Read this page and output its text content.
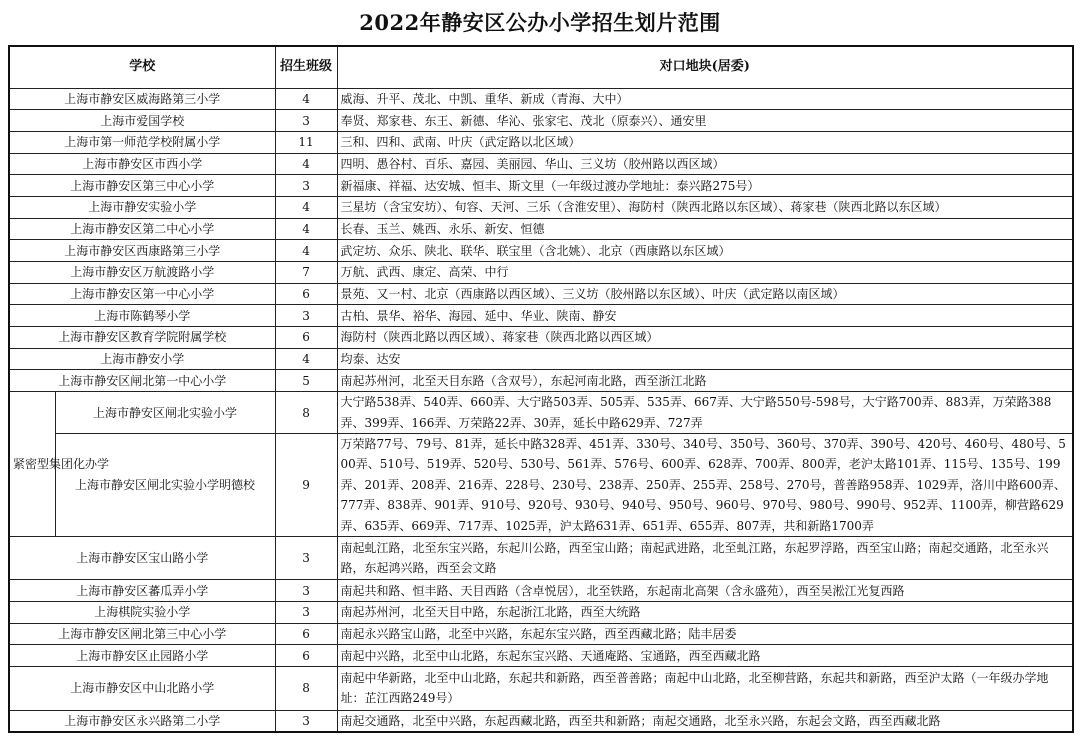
2022年静安区公办小学招生划片范围
学校		招生班级	对口地块(居委)
上海市静安区威海路第三小学		4	威海、升平、茂北、中凯、重华、新成（青海、大中）
上海市爱国学校		3	奉贤、郑家巷、东王、新德、华沁、张家宅、茂北（原泰兴）、通安里
上海市第一师范学校附属小学		11	三和、四和、武南、叶庆（武定路以北区域）
上海市静安区市西小学		4	四明、愚谷村、百乐、嘉园、美丽园、华山、三义坊（胶州路以西区域）
上海市静安区第三中心小学		3	新福康、祥福、达安城、恒丰、斯文里（一年级过渡办学地址：泰兴路275号）
上海市静安实验小学		4	三星坊（含宝安坊）、旬容、天河、三乐（含淮安里）、海防村（陕西北路以东区域）、蒋家巷（陕西北路以东区域）
上海市静安区第二中心小学		4	长春、玉兰、姚西、永乐、新安、恒德
上海市静安区西康路第三小学		4	武定坊、众乐、陕北、联华、联宝里（含北姚）、北京（西康路以东区域）
上海市静安区万航渡路小学		7	万航、武西、康定、高荣、中行
上海市静安区第一中心小学		6	景苑、又一村、北京（西康路以西区域）、三义坊（胶州路以东区域）、叶庆（武定路以南区域）
上海市陈鹤琴小学		3	古柏、景华、裕华、海园、延中、华业、陕南、静安
上海市静安区教育学院附属学校		6	海防村（陕西北路以西区域）、蒋家巷（陕西北路以西区域）
上海市静安小学		4	均泰、达安
上海市静安区闸北第一中心小学		5	南起苏州河，北至天目东路（含双号），东起河南北路，西至浙江北路
紧密型集团化办学	上海市静安区闸北实验小学	8	大宁路538弄、540弄、660弄、大宁路503弄、505弄、535弄、667弄、大宁路550号-598号，大宁路700弄、883弄，万荣路388弄、399弄、166弄、万荣路22弄、30弄，延长中路629弄、727弄
	上海市静安区闸北实验小学明德校	9	万荣路77号、79号、81弄，延长中路328弄、451弄、330号、340号、350号、360号、370弄、390号、420号、460号、480号、500弄、510号、519弄、520号、530号、561弄、576号、600弄、628弄、700弄、800弄，老沪太路101弄、115号、135号、199弄、201弄、208弄、216弄、228号、230号、238弄、250弄、255弄、258号、270号，普善路958弄、1029弄，洛川中路600弄、777弄、838弄、901弄、910号、920号、930号、940号、950号、960号、970号、980号、990号、952弄、1100弄，柳营路629弄、635弄、669弄、717弄、1025弄，沪太路631弄、651弄、655弄、807弄，共和新路1700弄
上海市静安区宝山路小学		3	南起虬江路，北至东宝兴路，东起川公路，西至宝山路；南起武进路，北至虬江路，东起罗浮路，西至宝山路；南起交通路，北至永兴路，东起鸿兴路，西至会文路
上海市静安区蕃瓜弄小学		3	南起共和路、恒丰路、天目西路（含卓悦居），北至铁路，东起南北高架（含永盛苑），西至吴淞江光复西路
上海棋院实验小学		3	南起苏州河，北至天目中路，东起浙江北路，西至大统路
上海市静安区闸北第三中心小学		6	南起永兴路宝山路，北至中兴路，东起东宝兴路，西至西藏北路；陆丰居委
上海市静安区止园路小学		6	南起中兴路，北至中山北路，东起东宝兴路、天通庵路、宝通路，西至西藏北路
上海市静安区中山北路小学		8	南起中华新路，北至中山北路，东起共和新路，西至普善路；南起中山北路，北至柳营路，东起共和新路，西至沪太路（一年级办学地址：芷江西路249号）
上海市静安区永兴路第二小学		3	南起交通路，北至中兴路，东起西藏北路，西至共和新路；南起交通路，北至永兴路，东起会文路，西至西藏北路
